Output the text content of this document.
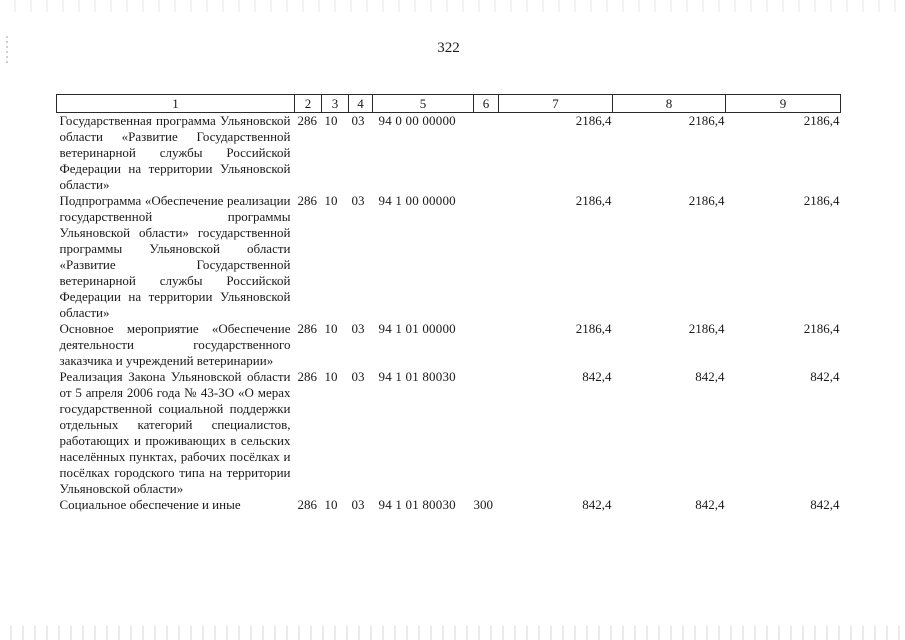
322
1	2	3	4	5	6	7	8	9
Государственная программа Ульяновской области «Развитие Государственной ветеринарной службы Российской Федерации на территории Ульяновской области»	286	10	03	94 0 00 00000		2186,4	2186,4	2186,4
Подпрограмма «Обеспечение реализации государственной программы Ульяновской области» государственной программы Ульяновской области «Развитие Государственной ветеринарной службы Российской Федерации на территории Ульяновской области»	286	10	03	94 1 00 00000		2186,4	2186,4	2186,4
Основное мероприятие «Обеспечение деятельности государственного заказчика и учреждений ветеринарии»	286	10	03	94 1 01 00000		2186,4	2186,4	2186,4
Реализация Закона Ульяновской области от 5 апреля 2006 года № 43-ЗО «О мерах государственной социальной поддержки отдельных категорий специалистов, работающих и проживающих в сельских населённых пунктах, рабочих посёлках и посёлках городского типа на территории Ульяновской области»	286	10	03	94 1 01 80030		842,4	842,4	842,4
Социальное обеспечение и иные	286	10	03	94 1 01 80030	300	842,4	842,4	842,4
